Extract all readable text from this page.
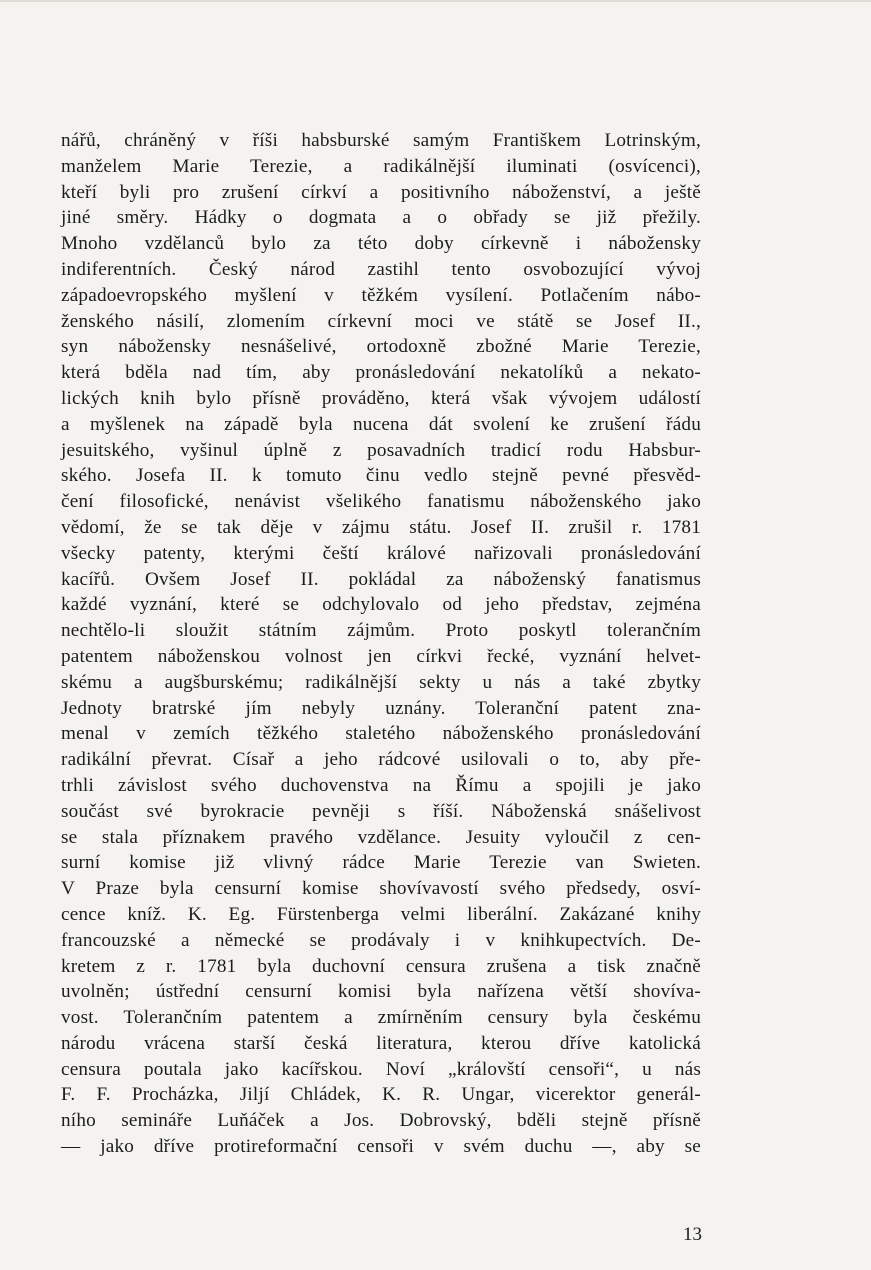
nářů, chráněný v říši habsburské samým Františkem Lotrinským,
manželem Marie Terezie, a radikálnější iluminati (osvícenci),
kteří byli pro zrušení církví a positivního náboženství, a ještě
jiné směry. Hádky o dogmata a o obřady se již přežily.
Mnoho vzdělanců bylo za této doby církevně i nábožensky
indiferentních. Český národ zastihl tento osvobozující vývoj
západoevropského myšlení v těžkém vysílení. Potlačením nábo-
ženského násilí, zlomením církevní moci ve státě se Josef II.,
syn nábožensky nesnášelivé, ortodoxně zbožné Marie Terezie,
která bděla nad tím, aby pronásledování nekatolíků a nekato-
lických knih bylo přísně prováděno, která však vývojem událostí
a myšlenek na západě byla nucena dát svolení ke zrušení řádu
jesuitského, vyšinul úplně z posavadních tradicí rodu Habsbur-
ského. Josefa II. k tomuto činu vedlo stejně pevné přesvěd-
čení filosofické, nenávist všelikého fanatismu náboženského jako
vědomí, že se tak děje v zájmu státu. Josef II. zrušil r. 1781
všecky patenty, kterými čeští králové nařizovali pronásledování
kacířů. Ovšem Josef II. pokládal za náboženský fanatismus
každé vyznání, které se odchylovalo od jeho představ, zejména
nechtělo-li sloužit státním zájmům. Proto poskytl tolerančním
patentem náboženskou volnost jen církvi řecké, vyznání helvet-
skému a augšburskému; radikálnější sekty u nás a také zbytky
Jednoty bratrské jím nebyly uznány. Toleranční patent zna-
menal v zemích těžkého staletého náboženského pronásledování
radikální převrat. Císař a jeho rádcové usilovali o to, aby pře-
trhli závislost svého duchovenstva na Římu a spojili je jako
součást své byrokracie pevněji s říší. Náboženská snášelivost
se stala příznakem pravého vzdělance. Jesuity vyloučil z cen-
surní komise již vlivný rádce Marie Terezie van Swieten.
V Praze byla censurní komise shovívavostí svého předsedy, osví-
cence kníž. K. Eg. Fürstenberga velmi liberální. Zakázané knihy
francouzské a německé se prodávaly i v knihkupectvích. De-
kretem z r. 1781 byla duchovní censura zrušena a tisk značně
uvolněn; ústřední censurní komisi byla nařízena větší shovíva-
vost. Tolerančním patentem a zmírněním censury byla českému
národu vrácena starší česká literatura, kterou dříve katolická
censura poutala jako kacířskou. Noví „královští censoři“, u nás
F. F. Procházka, Jiljí Chládek, K. R. Ungar, vicerektor generál-
ního semináře Luňáček a Jos. Dobrovský, bděli stejně přísně
— jako dříve protireformační censoři v svém duchu —, aby se
13
